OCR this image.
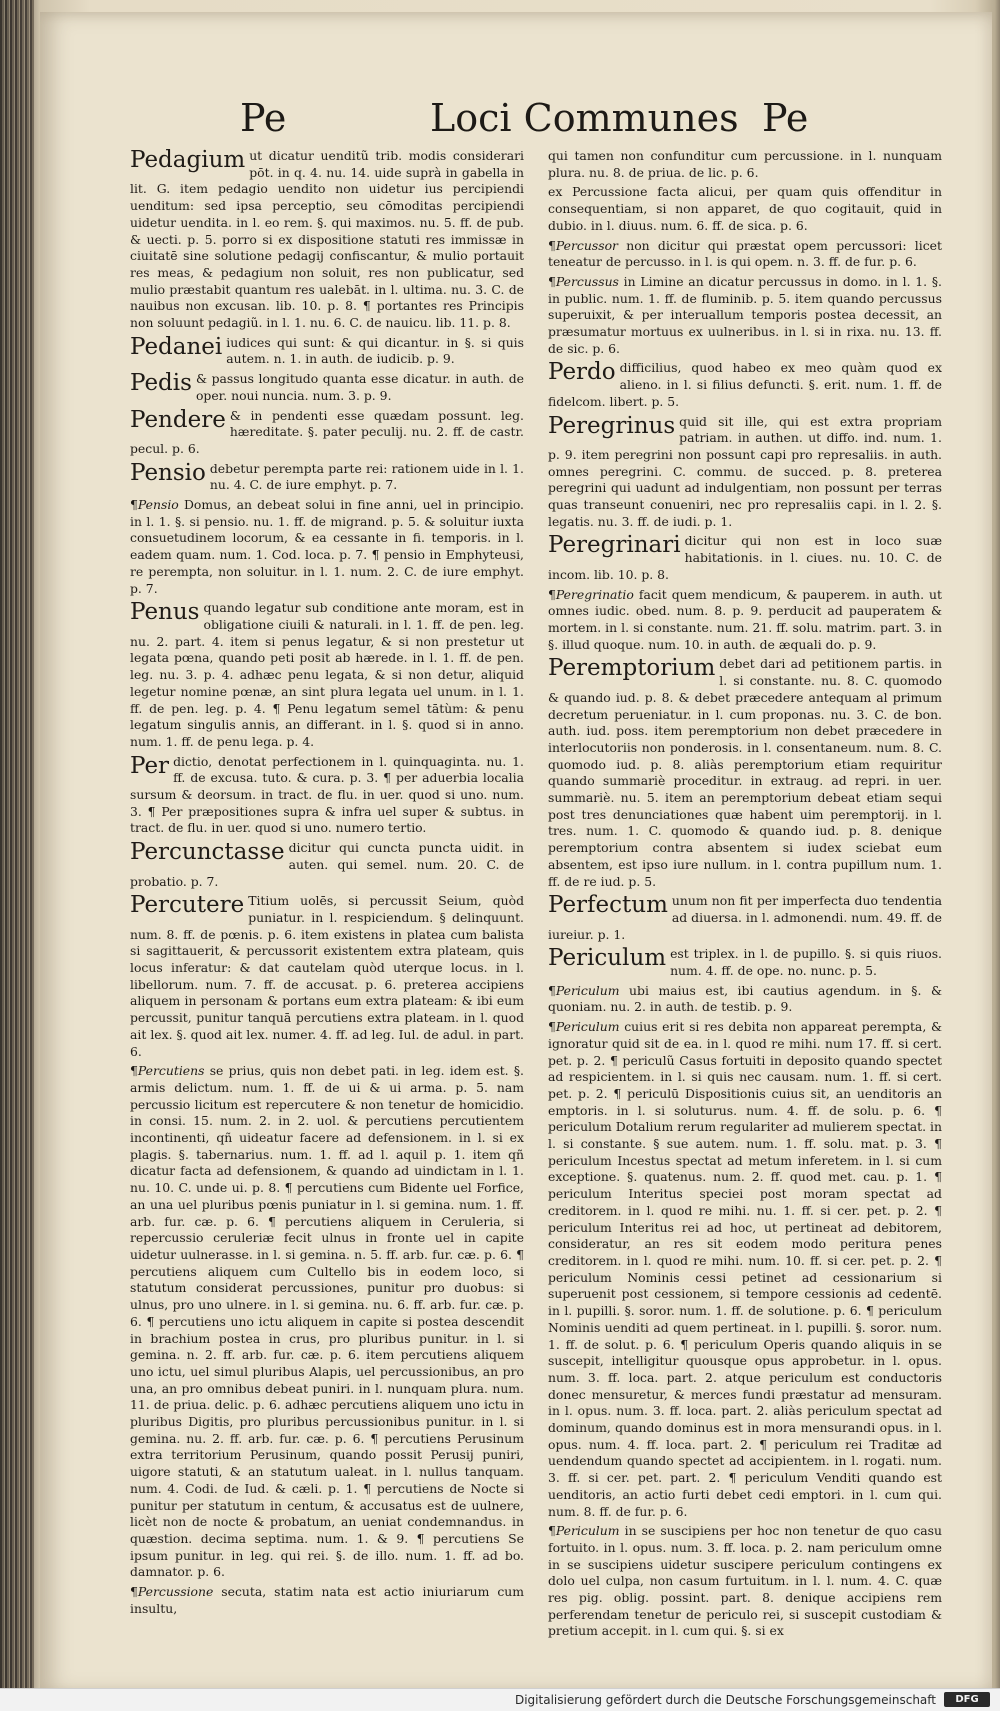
Pe	Loci Communes Pe

Pedagium ut dicatur uenditũ trib. modis considerari pōt. in q. 4. nu. 14. uide suprà in gabella in lit. G. item pedagio uendito non uidetur ius percipiendi uenditum: sed ipsa perceptio, seu cōmoditas percipiendi uidetur uendita. in l. eo rem. §. qui maximos. nu. 5. ff. de pub. & uecti. p. 5. porro si ex dispositione statuti res immissæ in ciuitatē sine solutione pedagij confiscantur, & mulio portauit res meas, & pedagium non soluit, res non publicatur, sed mulio præstabit quantum res ualebāt. in l. ultima. nu. 3. C. de nauibus non excusan. lib. 10. p. 8. ¶ portantes res Principis non soluunt pedagiũ. in l. 1. nu. 6. C. de nauicu. lib. 11. p. 8.

Pedanei iudices qui sunt: & qui dicantur. in §. si quis autem. n. 1. in auth. de iudicib. p. 9.

Pedis & passus longitudo quanta esse dicatur. in auth. de oper. noui nuncia. num. 3. p. 9.

Pendere & in pendenti esse quædam possunt. leg. hæreditate. §. pater peculij. nu. 2. ff. de castr. pecul. p. 6.

Pensio debetur perempta parte rei: rationem uide in l. 1. nu. 4. C. de iure emphyt. p. 7.

¶ Pensio Domus, an debeat solui in fine anni, uel in principio. in l. 1. §. si pensio. nu. 1. ff. de migrand. p. 5. & soluitur iuxta consuetudinem locorum, & ea cessante in fi. temporis. in l. eadem quam. num. 1. Cod. loca. p. 7. ¶ pensio in Emphyteusi, re perempta, non soluitur. in l. 1. num. 2. C. de iure emphyt. p. 7.

Penus quando legatur sub conditione ante moram, est in obligatione ciuili & naturali. in l. 1. ff. de pen. leg. nu. 2. part. 4. item si penus legatur, & si non prestetur ut legata pœna, quando peti posit ab hærede. in l. 1. ff. de pen. leg. nu. 3. p. 4. adhæc penu legata, & si non detur, aliquid legetur nomine pœnæ, an sint plura legata uel unum. in l. 1. ff. de pen. leg. p. 4. ¶ Penu legatum semel tātùm: & penu legatum singulis annis, an differant. in l. §. quod si in anno. num. 1. ff. de penu lega. p. 4.

Per dictio, denotat perfectionem in l. quinquaginta. nu. 1. ff. de excusa. tuto. & cura. p. 3. ¶ per aduerbia localia sursum & deorsum. in tract. de flu. in uer. quod si uno. num. 3. ¶ Per præpositiones supra & infra uel super & subtus. in tract. de flu. in uer. quod si uno. numero tertio.

Percunctasse dicitur qui cuncta puncta uidit. in auten. qui semel. num. 20. C. de probatio. p. 7.

Percutere Titium uolēs, si percussit Seium, quòd puniatur. in l. respiciendum. § delinquunt. num. 8. ff. de pœnis. p. 6. item existens in platea cum balista si sagittauerit, & percussorit existentem extra plateam, quis locus inferatur: & dat cautelam quòd uterque locus. in l. libellorum. num. 7. ff. de accusat. p. 6. preterea accipiens aliquem in personam & portans eum extra plateam: & ibi eum percussit, punitur tanquā percutiens extra plateam. in l. quod ait lex. §. quod ait lex. numer. 4. ff. ad leg. Iul. de adul. in part. 6.

¶ Percutiens se prius, quis non debet pati. in leg. idem est. §. armis delictum. num. 1. ff. de ui & ui arma. p. 5. nam percussio licitum est repercutere & non tenetur de homicidio. in consi. 15. num. 2. in 2. uol. & percutiens percutientem incontinenti, qñ uideatur facere ad defensionem. in l. si ex plagis. §. tabernarius. num. 1. ff. ad l. aquil p. 1. item qñ dicatur facta ad defensionem, & quando ad uindictam in l. 1. nu. 10. C. unde ui. p. 8. ¶ percutiens cum Bidente uel Forfice, an una uel pluribus pœnis puniatur in l. si gemina. num. 1. ff. arb. fur. cæ. p. 6. ¶ percutiens aliquem in Ceruleria, si repercussio ceruleriæ fecit ulnus in fronte uel in capite uidetur uulnerasse. in l. si gemina. n. 5. ff. arb. fur. cæ. p. 6. ¶ percutiens aliquem cum Cultello bis in eodem loco, si statutum considerat percussiones, punitur pro duobus: si ulnus, pro uno ulnere. in l. si gemina. nu. 6. ff. arb. fur. cæ. p. 6. ¶ percutiens uno ictu aliquem in capite si postea descendit in brachium postea in crus, pro pluribus punitur. in l. si gemina. n. 2. ff. arb. fur. cæ. p. 6. item percutiens aliquem uno ictu, uel simul pluribus Alapis, uel percussionibus, an pro una, an pro omnibus debeat puniri. in l. nunquam plura. num. 11. de priua. delic. p. 6. adhæc percutiens aliquem uno ictu in pluribus Digitis, pro pluribus percussionibus punitur. in l. si gemina. nu. 2. ff. arb. fur. cæ. p. 6. ¶ percutiens Perusinum extra territorium Perusinum, quando possit Perusij puniri, uigore statuti, & an statutum ualeat. in l. nullus tanquam. num. 4. Codi. de Iud. & cæli. p. 1. ¶ percutiens de Nocte si punitur per statutum in centum, & accusatus est de uulnere, licèt non de nocte & probatum, an ueniat condemnandus. in quæstion. decima septima. num. 1. & 9. ¶ percutiens Se ipsum punitur. in leg. qui rei. §. de illo. num. 1. ff. ad bo. damnator. p. 6.

¶ Percussione secuta, statim nata est actio iniuriarum cum insultu,

qui tamen non confunditur cum percussione. in l. nunquam plura. nu. 8. de priua. de lic. p. 6.

ex Percussione facta alicui, per quam quis offenditur in consequentiam, si non apparet, de quo cogitauit, quid in dubio. in l. diuus. num. 6. ff. de sica. p. 6.

¶ Percussor non dicitur qui præstat opem percussori: licet teneatur de percusso. in l. is qui opem. n. 3. ff. de fur. p. 6.

¶ Percussus in Limine an dicatur percussus in domo. in l. 1. §. in public. num. 1. ff. de fluminib. p. 5. item quando percussus superuixit, & per interuallum temporis postea decessit, an præsumatur mortuus ex uulneribus. in l. si in rixa. nu. 13. ff. de sic. p. 6.

Perdo difficilius, quod habeo ex meo quàm quod ex alieno. in l. si filius defuncti. §. erit. num. 1. ff. de fidelcom. libert. p. 5.

Peregrinus quid sit ille, qui est extra propriam patriam. in authen. ut diffo. ind. num. 1. p. 9. item peregrini non possunt capi pro represaliis. in auth. omnes peregrini. C. commu. de succed. p. 8. preterea peregrini qui uadunt ad indulgentiam, non possunt per terras quas transeunt conueniri, nec pro represaliis capi. in l. 2. §. legatis. nu. 3. ff. de iudi. p. 1.

Peregrinari dicitur qui non est in loco suæ habitationis. in l. ciues. nu. 10. C. de incom. lib. 10. p. 8.

¶ Peregrinatio facit quem mendicum, & pauperem. in auth. ut omnes iudic. obed. num. 8. p. 9. perducit ad pauperatem & mortem. in l. si constante. num. 21. ff. solu. matrim. part. 3. in §. illud quoque. num. 10. in auth. de æquali do. p. 9.

Peremptorium debet dari ad petitionem partis. in l. si constante. nu. 8. C. quomodo & quando iud. p. 8. & debet præcedere antequam al primum decretum perueniatur. in l. cum proponas. nu. 3. C. de bon. auth. iud. poss. item peremptorium non debet præcedere in interlocutoriis non ponderosis. in l. consentaneum. num. 8. C. quomodo iud. p. 8. aliàs peremptorium etiam requiritur quando summariè proceditur. in extraug. ad repri. in uer. summariè. nu. 5. item an peremptorium debeat etiam sequi post tres denunciationes quæ habent uim peremptorij. in l. tres. num. 1. C. quomodo & quando iud. p. 8. denique peremptorium contra absentem si iudex sciebat eum absentem, est ipso iure nullum. in l. contra pupillum num. 1. ff. de re iud. p. 5.

Perfectum unum non fit per imperfecta duo tendentia ad diuersa. in l. admonendi. num. 49. ff. de iureiur. p. 1.

Periculum est triplex. in l. de pupillo. §. si quis riuos. num. 4. ff. de ope. no. nunc. p. 5.

¶ Periculum ubi maius est, ibi cautius agendum. in §. & quoniam. nu. 2. in auth. de testib. p. 9.

¶ Periculum cuius erit si res debita non appareat perempta, & ignoratur quid sit de ea. in l. quod re mihi. num 17. ff. si cert. pet. p. 2. ¶ periculũ Casus fortuiti in deposito quando spectet ad respicientem. in l. si quis nec causam. num. 1. ff. si cert. pet. p. 2. ¶ periculū Dispositionis cuius sit, an uenditoris an emptoris. in l. si soluturus. num. 4. ff. de solu. p. 6. ¶ periculum Dotalium rerum regulariter ad mulierem spectat. in l. si constante. § sue autem. num. 1. ff. solu. mat. p. 3. ¶ periculum Incestus spectat ad metum inferetem. in l. si cum exceptione. §. quatenus. num. 2. ff. quod met. cau. p. 1. ¶ periculum Interitus speciei post moram spectat ad creditorem. in l. quod re mihi. nu. 1. ff. si cer. pet. p. 2. ¶ periculum Interitus rei ad hoc, ut pertineat ad debitorem, consideratur, an res sit eodem modo peritura penes creditorem. in l. quod re mihi. num. 10. ff. si cer. pet. p. 2. ¶ periculum Nominis cessi petinet ad cessionarium si superuenit post cessionem, si tempore cessionis ad cedentē. in l. pupilli. §. soror. num. 1. ff. de solutione. p. 6. ¶ periculum Nominis uenditi ad quem pertineat. in l. pupilli. §. soror. num. 1. ff. de solut. p. 6. ¶ periculum Operis quando aliquis in se suscepit, intelligitur quousque opus approbetur. in l. opus. num. 3. ff. loca. part. 2. atque periculum est conductoris donec mensuretur, & merces fundi præstatur ad mensuram. in l. opus. num. 3. ff. loca. part. 2. aliàs periculum spectat ad dominum, quando dominus est in mora mensurandi opus. in l. opus. num. 4. ff. loca. part. 2. ¶ periculum rei Traditæ ad uendendum quando spectet ad accipientem. in l. rogati. num. 3. ff. si cer. pet. part. 2. ¶ periculum Venditi quando est uenditoris, an actio furti debet cedi emptori. in l. cum qui. num. 8. ff. de fur. p. 6.

¶ Periculum in se suscipiens per hoc non tenetur de quo casu fortuito. in l. opus. num. 3. ff. loca. p. 2. nam periculum omne in se suscipiens uidetur suscipere periculum contingens ex dolo uel culpa, non casum furtuitum. in l. l. num. 4. C. quæ res pig. oblig. possint. part. 8. denique accipiens rem perferendam tenetur de periculo rei, si suscepit custodiam & pretium accepit. in l. cum qui. §. si ex

Digitalisierung gefördert durch die Deutsche Forschungsgemeinschaft	DFG
